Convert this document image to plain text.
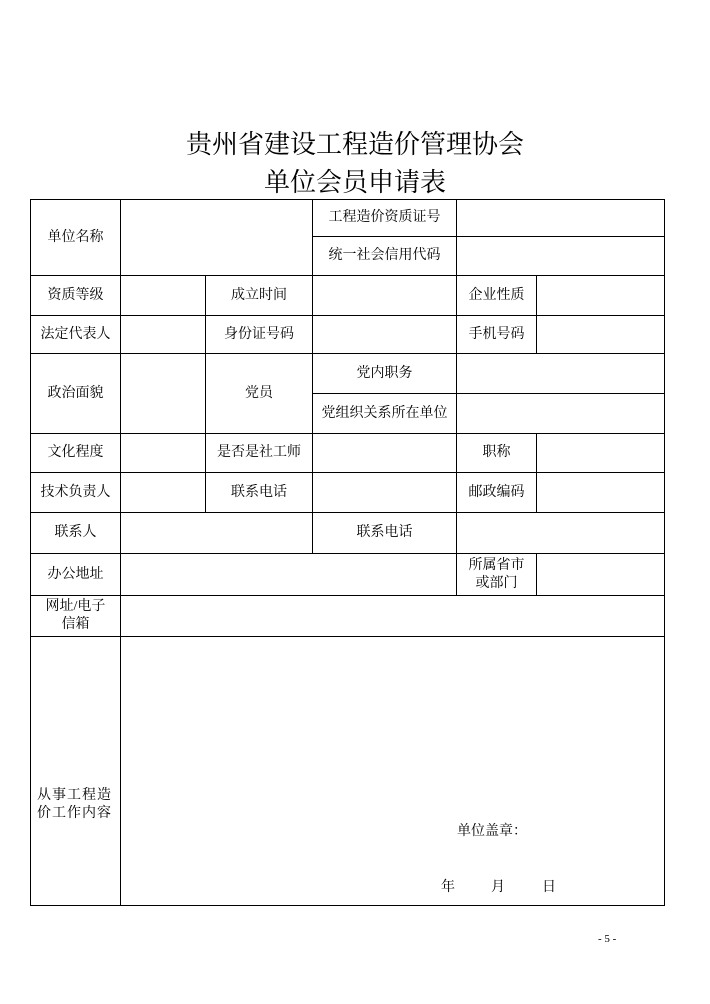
贵州省建设工程造价管理协会
单位会员申请表
单位名称			工程造价资质证号		
			统一社会信用代码		
资质等级		成立时间		企业性质	
法定代表人		身份证号码		手机号码	
政治面貌		党员	党内职务		
			党组织关系所在单位		
文化程度		是否是社工师		职称	
技术负责人		联系电话		邮政编码	
联系人			联系电话		
办公地址				所属省市
或部门	

网址/电子
信箱					

从事工程造
价工作内容	单位盖章：
年 月 日				
- 5 -
